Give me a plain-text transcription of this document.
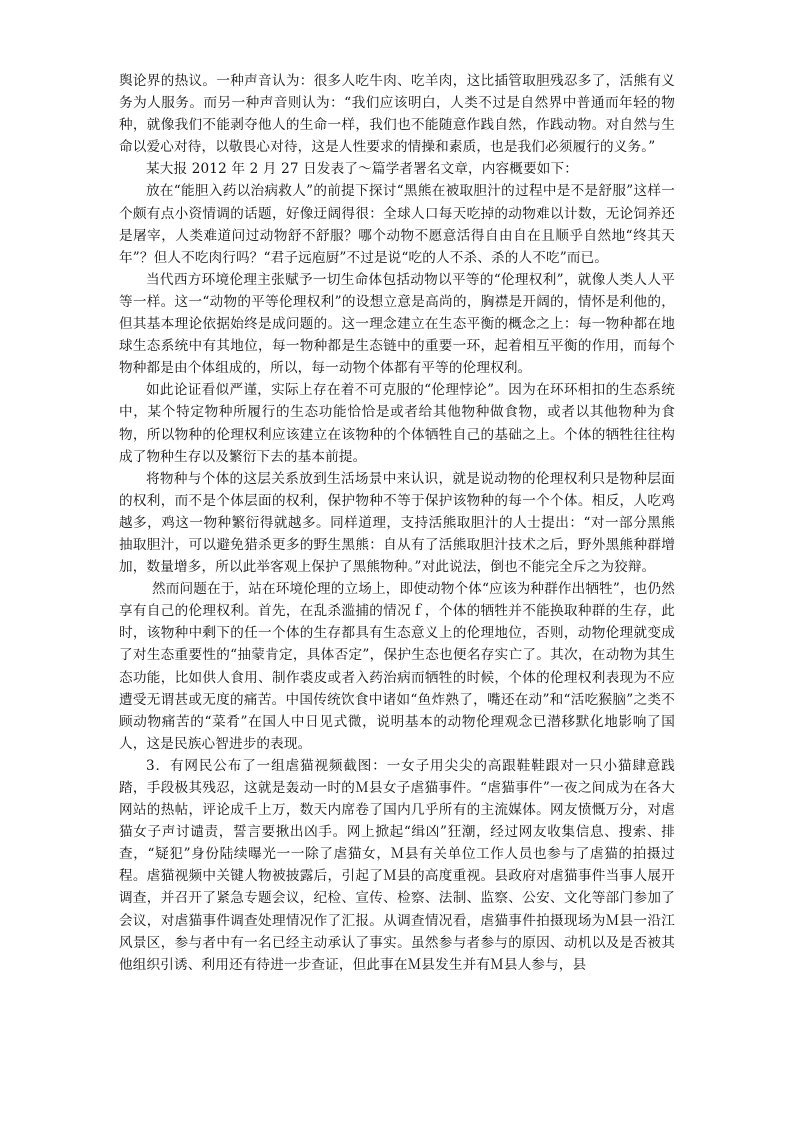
舆论界的热议。一种声音认为：很多人吃牛肉、吃羊肉，这比插管取胆残忍多了，活熊有义务为人服务。而另一种声音则认为：“我们应该明白，人类不过是自然界中普通而年轻的物种，就像我们不能剥夺他人的生命一样，我们也不能随意作践自然，作践动物。对自然与生命以爱心对待，以敬畏心对待，这是人性要求的情操和素质，也是我们必须履行的义务。”

某大报 2012 年 2 月 27 日发表了～篇学者署名文章，内容概要如下：

放在“能胆入药以治病救人”的前提下探讨“黑熊在被取胆汁的过程中是不是舒服”这样一个颇有点小资情调的话题，好像迂阔得很：全球人口每天吃掉的动物难以计数，无论饲养还是屠宰，人类难道问过动物舒不舒服？哪个动物不愿意活得自由自在且顺乎自然地“终其天年”？但人不吃肉行吗？“君子远庖厨”不过是说“吃的人不杀、杀的人不吃”而已。

当代西方环境伦理主张赋予一切生命体包括动物以平等的“伦理权利”，就像人类人人平等一样。这一“动物的平等伦理权利”的设想立意是高尚的，胸襟是开阔的，情怀是利他的，但其基本理论依据始终是成问题的。这一理念建立在生态平衡的概念之上：每一物种都在地球生态系统中有其地位，每一物种都是生态链中的重要一环，起着相互平衡的作用，而每个物种都是由个体组成的，所以，每一动物个体都有平等的伦理权利。

如此论证看似严谨，实际上存在着不可克服的“伦理悖论”。因为在环环相扣的生态系统中，某个特定物种所履行的生态功能恰恰是或者给其他物种做食物，或者以其他物种为食物，所以物种的伦理权利应该建立在该物种的个体牺牲自己的基础之上。个体的牺牲往往构成了物种生存以及繁衍下去的基本前提。

将物种与个体的这层关系放到生活场景中来认识，就是说动物的伦理权利只是物种层面的权利，而不是个体层面的权利，保护物种不等于保护该物种的每一个个体。相反，人吃鸡越多，鸡这一物种繁衍得就越多。同样道理，支持活熊取胆汁的人士提出：“对一部分黑熊抽取胆汁，可以避免猎杀更多的野生黑熊：自从有了活熊取胆汁技术之后，野外黑熊种群增加，数量增多，所以此举客观上保护了黑熊物种。”对此说法，倒也不能完全斥之为狡辩。

然而问题在于，站在环境伦理的立场上，即使动物个体“应该为种群作出牺牲”，也仍然享有自己的伦理权利。首先，在乱杀滥捕的情况ｆ，个体的牺牲并不能换取种群的生存，此时，该物种中剩下的任一个体的生存都具有生态意义上的伦理地位，否则，动物伦理就变成了对生态重要性的“抽蒙肯定，具体否定”，保护生态也便名存实亡了。其次，在动物为其生态功能，比如供人食用、制作裘皮或者入药治病而牺牲的时候，个体的伦理权利表现为不应遭受无谓甚或无度的痛苦。中国传统饮食中诸如“鱼炸熟了，嘴还在动”和“活吃猴脑”之类不顾动物痛苦的“菜肴”在国人中日见式微，说明基本的动物伦理观念已潜移默化地影响了国人，这是民族心智进步的表现。

3．有网民公布了一组虐猫视频截图：一女子用尖尖的高跟鞋鞋跟对一只小猫肆意践踏，手段极其残忍，这就是轰动一时的Ｍ县女子虐猫事件。“虐猫事件”一夜之间成为在各大网站的热帖，评论成千上万，数天内席卷了国内几乎所有的主流媒体。网友愤慨万分，对虐猫女子声讨谴责，誓言要揪出凶手。网上掀起“缉凶”狂潮，经过网友收集信息、搜索、排查，“疑犯”身份陆续曝光一一除了虐猫女，Ｍ县有关单位工作人员也参与了虐猫的拍摄过程。虐猫视频中关键人物被披露后，引起了Ｍ县的高度重视。县政府对虐猫事件当事人展开调查，并召开了紧急专题会议，纪检、宣传、检察、法制、监察、公安、文化等部门参加了会议，对虐猫事件调查处理情况作了汇报。从调查情况看，虐猫事件拍摄现场为Ｍ县一沿江风景区，参与者中有一名已经主动承认了事实。虽然参与者参与的原因、动机以及是否被其他组织引诱、利用还有待进一步查证，但此事在Ｍ县发生并有Ｍ县人参与，县
